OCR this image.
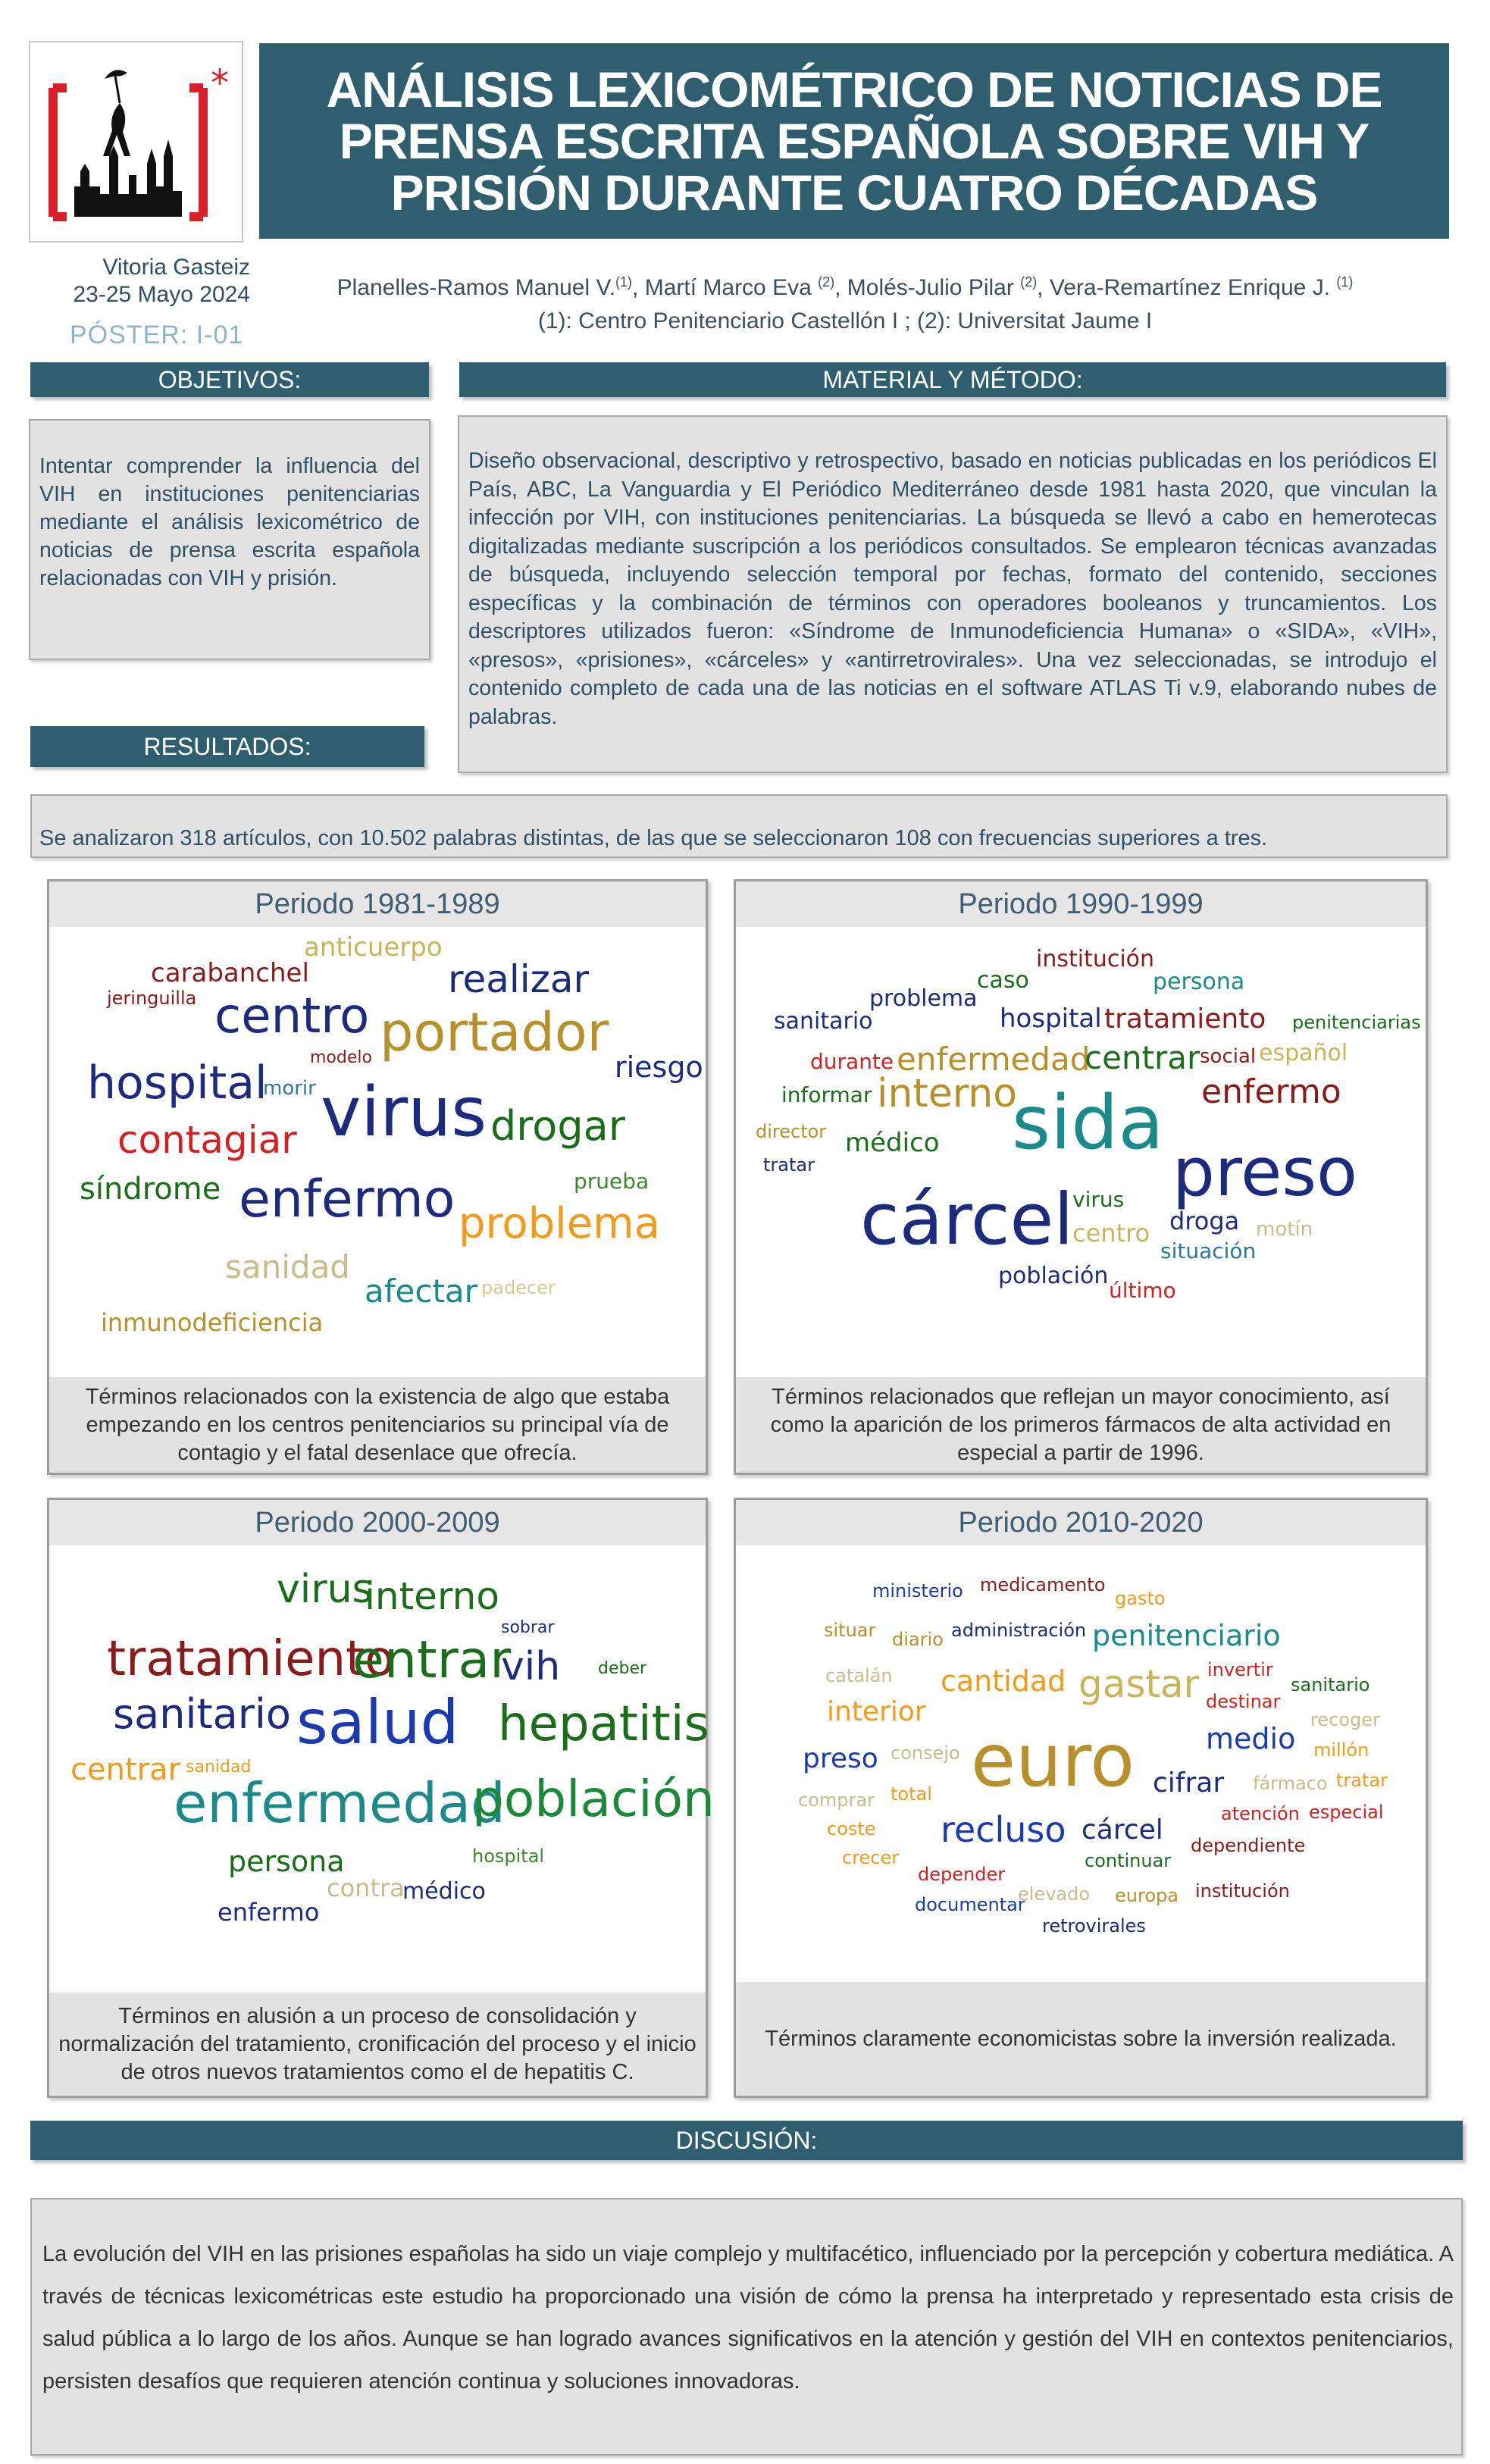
*	ANÁLISIS LEXICOMÉTRICO DE NOTICIAS DE PRENSA ESCRITA ESPAÑOLA SOBRE VIH Y PRISIÓN DURANTE CUATRO DÉCADAS
Vitoria Gasteiz
23-25 Mayo 2024
PÓSTER: I-01
Planelles-Ramos Manuel V.$^{(1)}$, Martí Marco Eva $^{(2)}$, Molés-Julio Pilar $^{(2)}$, Vera-Remartínez Enrique J. $^{(1)}$
(1): Centro Penitenciario Castellón I ; (2): Universitat Jaume I
OBJETIVOS:
Intentar comprender la influencia del VIH en instituciones penitenciarias mediante el análisis lexicométrico de noticias de prensa escrita española relacionadas con VIH y prisión.
MATERIAL Y MÉTODO:
Diseño observacional, descriptivo y retrospectivo, basado en noticias publicadas en los periódicos El País, ABC, La Vanguardia y El Periódico Mediterráneo desde 1981 hasta 2020, que vinculan la infección por VIH, con instituciones penitenciarias. La búsqueda se llevó a cabo en hemerotecas digitalizadas mediante suscripción a los periódicos consultados. Se emplearon técnicas avanzadas de búsqueda, incluyendo selección temporal por fechas, formato del contenido, secciones específicas y la combinación de términos con operadores booleanos y truncamientos. Los descriptores utilizados fueron: «Síndrome de Inmunodeficiencia Humana» o «SIDA», «VIH», «presos», «prisiones», «cárceles» y «antirretrovirales». Una vez seleccionadas, se introdujo el contenido completo de cada una de las noticias en el software ATLAS Ti v.9, elaborando nubes de palabras.
RESULTADOS:
Se analizaron 318 artículos, con 10.502 palabras distintas, de las que se seleccionaron 108 con frecuencias superiores a tres.
Periodo 1981-1989
anticuerpo
carabanchel	realizar
jeringuilla centro portador
modelo	riesgo
hospital
morir virus drogar
contagiar
prueba
síndrome enfermo problema
sanidad
padecer
afectar
inmunodeficiencia
Términos relacionados con la existencia de algo que estaba empezando en los centros penitenciarios su principal vía de contagio y el fatal desenlace que ofrecía.
Periodo 1990-1999
institución
caso	persona
problema
sanitario	hospital tratamiento penitenciarias
durante enfermedad
centrar social español
informar interno	enfermo
director sida
médico
tratar	preso
cárcel
virus
droga
centro	motín
situación
población
último
Términos relacionados que reflejan un mayor conocimiento, así como la aparición de los primeros fármacos de alta actividad en especial a partir de 1996.
Periodo 2000-2009
virus
interno
sobrar
tratamiento
entrar
vih deber
sanitario salud hepatitis
centrar sanidad
enfermedad
población
persona	hospital
contra
médico
enfermo
Términos en alusión a un proceso de consolidación y normalización del tratamiento, cronificación del proceso y el inicio de otros nuevos tratamientos como el de hepatitis C.
Periodo 2010-2020
ministerio medicamento
gasto
situar diario administración penitenciario
catalán cantidad gastar invertir
sanitario
destinar
interior	recoger
medio millón
preso consejo euro cifrar fármaco tratar
comprar total
atención especial
coste recluso cárcel dependiente
crecer	continuar
depender
elevado europa institución
documentar
retrovirales
Términos claramente economicistas sobre la inversión realizada.
DISCUSIÓN:
La evolución del VIH en las prisiones españolas ha sido un viaje complejo y multifacético, influenciado por la percepción y cobertura mediática. A través de técnicas lexicométricas este estudio ha proporcionado una visión de cómo la prensa ha interpretado y representado esta crisis de salud pública a lo largo de los años. Aunque se han logrado avances significativos en la atención y gestión del VIH en contextos penitenciarios, persisten desafíos que requieren atención continua y soluciones innovadoras.
